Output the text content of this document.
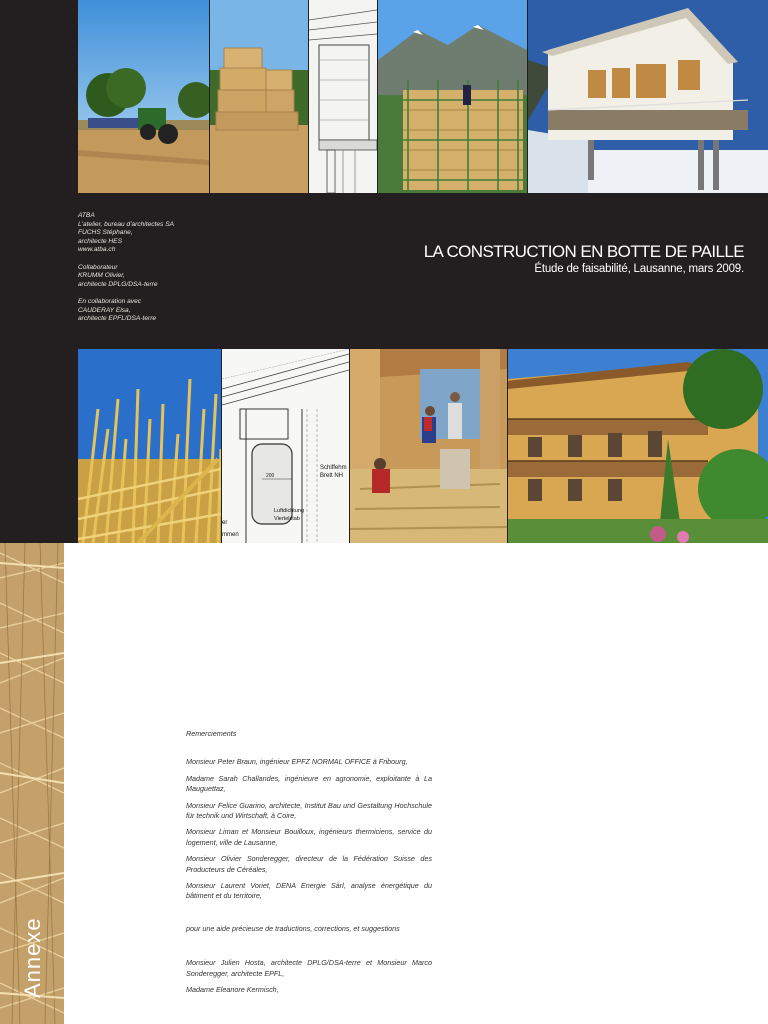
ATBA
L'atelier, bureau d'architectes SA
FUCHS Stéphane,
architecte HES
www.atba.ch
Collaborateur
KRUMM Olivier,
architecte DPLG/DSA-terre
En collaboration avec
CAUDERAY Elsa,
architecte EPFL/DSA-terre
LA CONSTRUCTION EN BOTTE DE PAILLE
Étude de faisabilité, Lausanne, mars 2009.
200
Schiffehm
Brett NH
Luftdichtung
Viertelstab
er
mmen

Remerciements

Monsieur Peter Braun, ingénieur EPFZ NORMAL OFFICE à Fribourg,

Madame Sarah Challandes, ingénieure en agronomie, exploitante à La Mauguettaz,

Monsieur Felice Guarino, architecte, Institut Bau und Gestaltung Hochschule für technik und Wirtschaft, à Coire,

Monsieur Liman et Monsieur Bouilloux, ingénieurs thermiciens, service du logement, ville de Lausanne,

Monsieur Olivier Sonderegger, directeur de la Fédération Suisse des Producteurs de Céréales,

Monsieur Laurent Voriet, DENA Energie Sàrl, analyse énergétique du bâtiment et du territoire,

pour une aide précieuse de traductions, corrections, et suggestions

Monsieur Julien Hosta, architecte DPLG/DSA-terre et Monsieur Marco Sonderegger, architecte EPFL,

Madame Eleanore Kermisch,
